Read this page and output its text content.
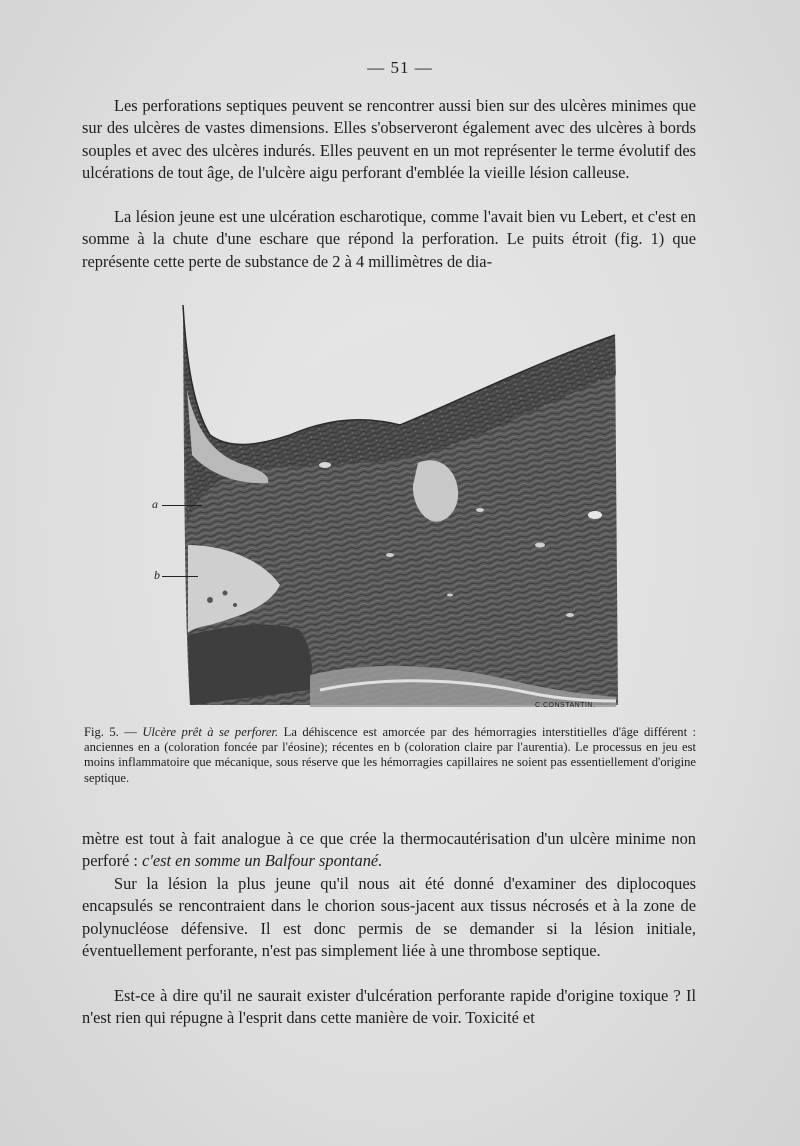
— 51 —

Les perforations septiques peuvent se rencontrer aussi bien sur des ulcères minimes que sur des ulcères de vastes dimensions. Elles s'observeront également avec des ulcères à bords souples et avec des ulcères indurés. Elles peuvent en un mot représenter le terme évolutif des ulcérations de tout âge, de l'ulcère aigu perforant d'emblée la vieille lésion calleuse.

La lésion jeune est une ulcération escharotique, comme l'avait bien vu Lebert, et c'est en somme à la chute d'une eschare que répond la perforation. Le puits étroit (fig. 1) que représente cette perte de substance de 2 à 4 millimètres de dia-

a
b
C.CONSTANTIN.
Fig. 5. — Ulcère prêt à se perforer. La déhiscence est amorcée par des hémorragies interstitielles d'âge différent : anciennes en a (coloration foncée par l'éosine); récentes en b (coloration claire par l'aurentia). Le processus en jeu est moins inflammatoire que mécanique, sous réserve que les hémorragies capillaires ne soient pas essentiellement d'origine septique.

mètre est tout à fait analogue à ce que crée la thermocautérisation d'un ulcère minime non perforé : c'est en somme un Balfour spontané.

Sur la lésion la plus jeune qu'il nous ait été donné d'examiner des diplocoques encapsulés se rencontraient dans le chorion sous-jacent aux tissus nécrosés et à la zone de polynucléose défensive. Il est donc permis de se demander si la lésion initiale, éventuellement perforante, n'est pas simplement liée à une thrombose septique.

Est-ce à dire qu'il ne saurait exister d'ulcération perforante rapide d'origine toxique ? Il n'est rien qui répugne à l'esprit dans cette manière de voir. Toxicité et
